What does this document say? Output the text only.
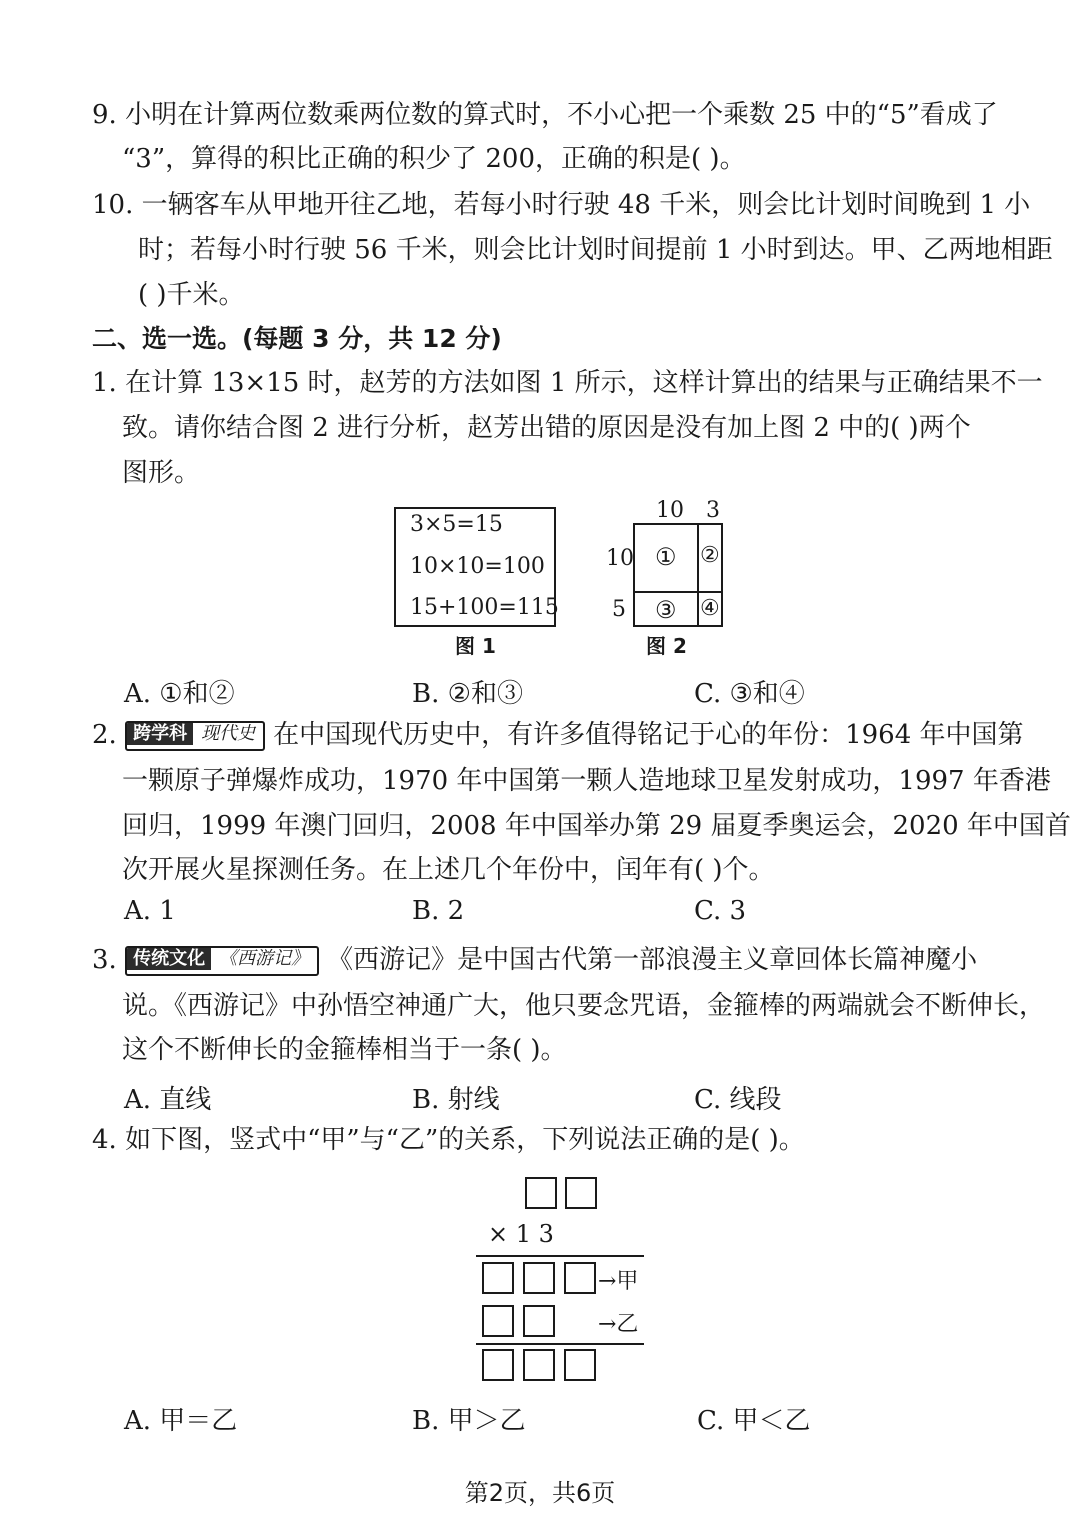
9. 小明在计算两位数乘两位数的算式时，不小心把一个乘数 25 中的“5”看成了
“3”，算得的积比正确的积少了 200，正确的积是( )。
10. 一辆客车从甲地开往乙地，若每小时行驶 48 千米，则会比计划时间晚到 1 小
时；若每小时行驶 56 千米，则会比计划时间提前 1 小时到达。甲、乙两地相距
( )千米。
二、选一选。(每题 3 分，共 12 分)
1. 在计算 13×15 时，赵芳的方法如图 1 所示，这样计算出的结果与正确结果不一
致。请你结合图 2 进行分析，赵芳出错的原因是没有加上图 2 中的( )两个
图形。
3×5=15
10×10=100
15+100=115
图 1
10 3
10
5
① ②
③ ④
图 2
A. ①和②	B. ②和③	C. ③和④
2. 跨学科 现代史 在中国现代历史中，有许多值得铭记于心的年份：1964 年中国第
一颗原子弹爆炸成功，1970 年中国第一颗人造地球卫星发射成功，1997 年香港
回归，1999 年澳门回归，2008 年中国举办第 29 届夏季奥运会，2020 年中国首
次开展火星探测任务。在上述几个年份中，闰年有( )个。
A. 1	B. 2	C. 3
3. 传统文化 《西游记》 《西游记》是中国古代第一部浪漫主义章回体长篇神魔小
说。《西游记》中孙悟空神通广大，他只要念咒语，金箍棒的两端就会不断伸长，
这个不断伸长的金箍棒相当于一条( )。
A. 直线	B. 射线	C. 线段
4. 如下图，竖式中“甲”与“乙”的关系，下列说法正确的是( )。
× 1 3
→甲
→乙
A. 甲＝乙	B. 甲＞乙	C. 甲＜乙
第2页，共6页
